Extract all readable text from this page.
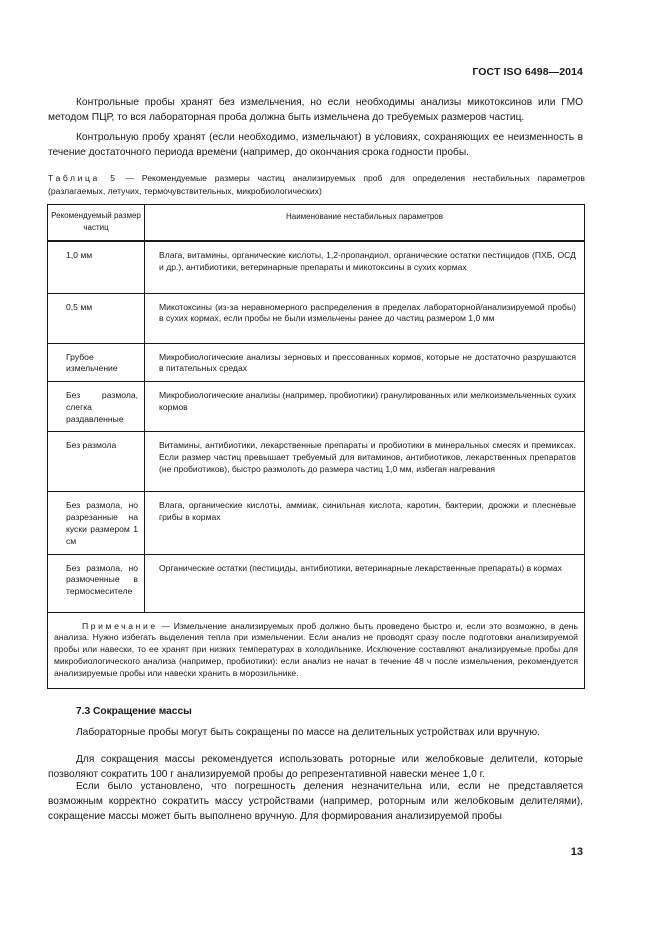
ГОСТ ISO 6498—2014

Контрольные пробы хранят без измельчения, но если необходимы анализы микотоксинов или ГМО методом ПЦР, то вся лабораторная проба должна быть измельчена до требуемых размеров частиц.

Контрольную пробу хранят (если необходимо, измельчают) в условиях, сохраняющих ее неизменность в течение достаточного периода времени (например, до окончания срока годности пробы.

Таблица 5 — Рекомендуемые размеры частиц анализируемых проб для определения нестабильных параметров (разлагаемых, летучих, термочувствительных, микробиологических)

Рекомендуемый размер частиц	Наименование нестабильных параметров
1,0 мм	Влага, витамины, органические кислоты, 1,2-пропандиол, органические остатки пестицидов (ПХБ, ОСД и др.), антибиотики, ветеринарные препараты и микотоксины в сухих кормах
0,5 мм	Микотоксины (из-за неравномерного распределения в пределах лабораторной/анализируемой пробы) в сухих кормах, если пробы не были измельчены ранее до частиц размером 1,0 мм
Грубое измельчение	Микробиологические анализы зерновых и прессованных кормов, которые не достаточно разрушаются в питательных средах
Без размола, слегка раздавленные	Микробиологические анализы (например, пробиотики) гранулированных или мелкоизмельченных сухих кормов
Без размола	Витамины, антибиотики, лекарственные препараты и пробиотики в минеральных смесях и премиксах. Если размер частиц превышает требуемый для витаминов, антибиотиков, лекарственных препаратов (не пробиотиков), быстро размолоть до размера частиц 1,0 мм, избегая нагревания
Без размола, но разрезанные на куски размером 1 см	Влага, органические кислоты, аммиак, синильная кислота, каротин, бактерии, дрожжи и плесневые грибы в кормах
Без размола, но размоченные в термосмесителе	Органические остатки (пестициды, антибиотики, ветеринарные лекарственные препараты) в кормах
Примечание — Измельчение анализируемых проб должно быть проведено быстро и, если это возможно, в день анализа. Нужно избегать выделения тепла при измельчении. Если анализ не проводят сразу после подготовки анализируемой пробы или навески, то ее хранят при низких температурах в холодильнике. Исключение составляют анализируемые пробы для микробиологического анализа (например, пробиотики): если анализ не начат в течение 48 ч после измельчения, рекомендуется анализируемые пробы или навески хранить в морозильнике.	
7.3 Сокращение массы

Лабораторные пробы могут быть сокращены по массе на делительных устройствах или вручную.

Для сокращения массы рекомендуется использовать роторные или желобковые делители, которые позволяют сократить 100 г анализируемой пробы до репрезентативной навески менее 1,0 г.

Если было установлено, что погрешность деления незначительна или, если не представляется возможным корректно сократить массу устройствами (например, роторным или желобковым делителями), сокращение массы может быть выполнено вручную. Для формирования анализируемой пробы

13
